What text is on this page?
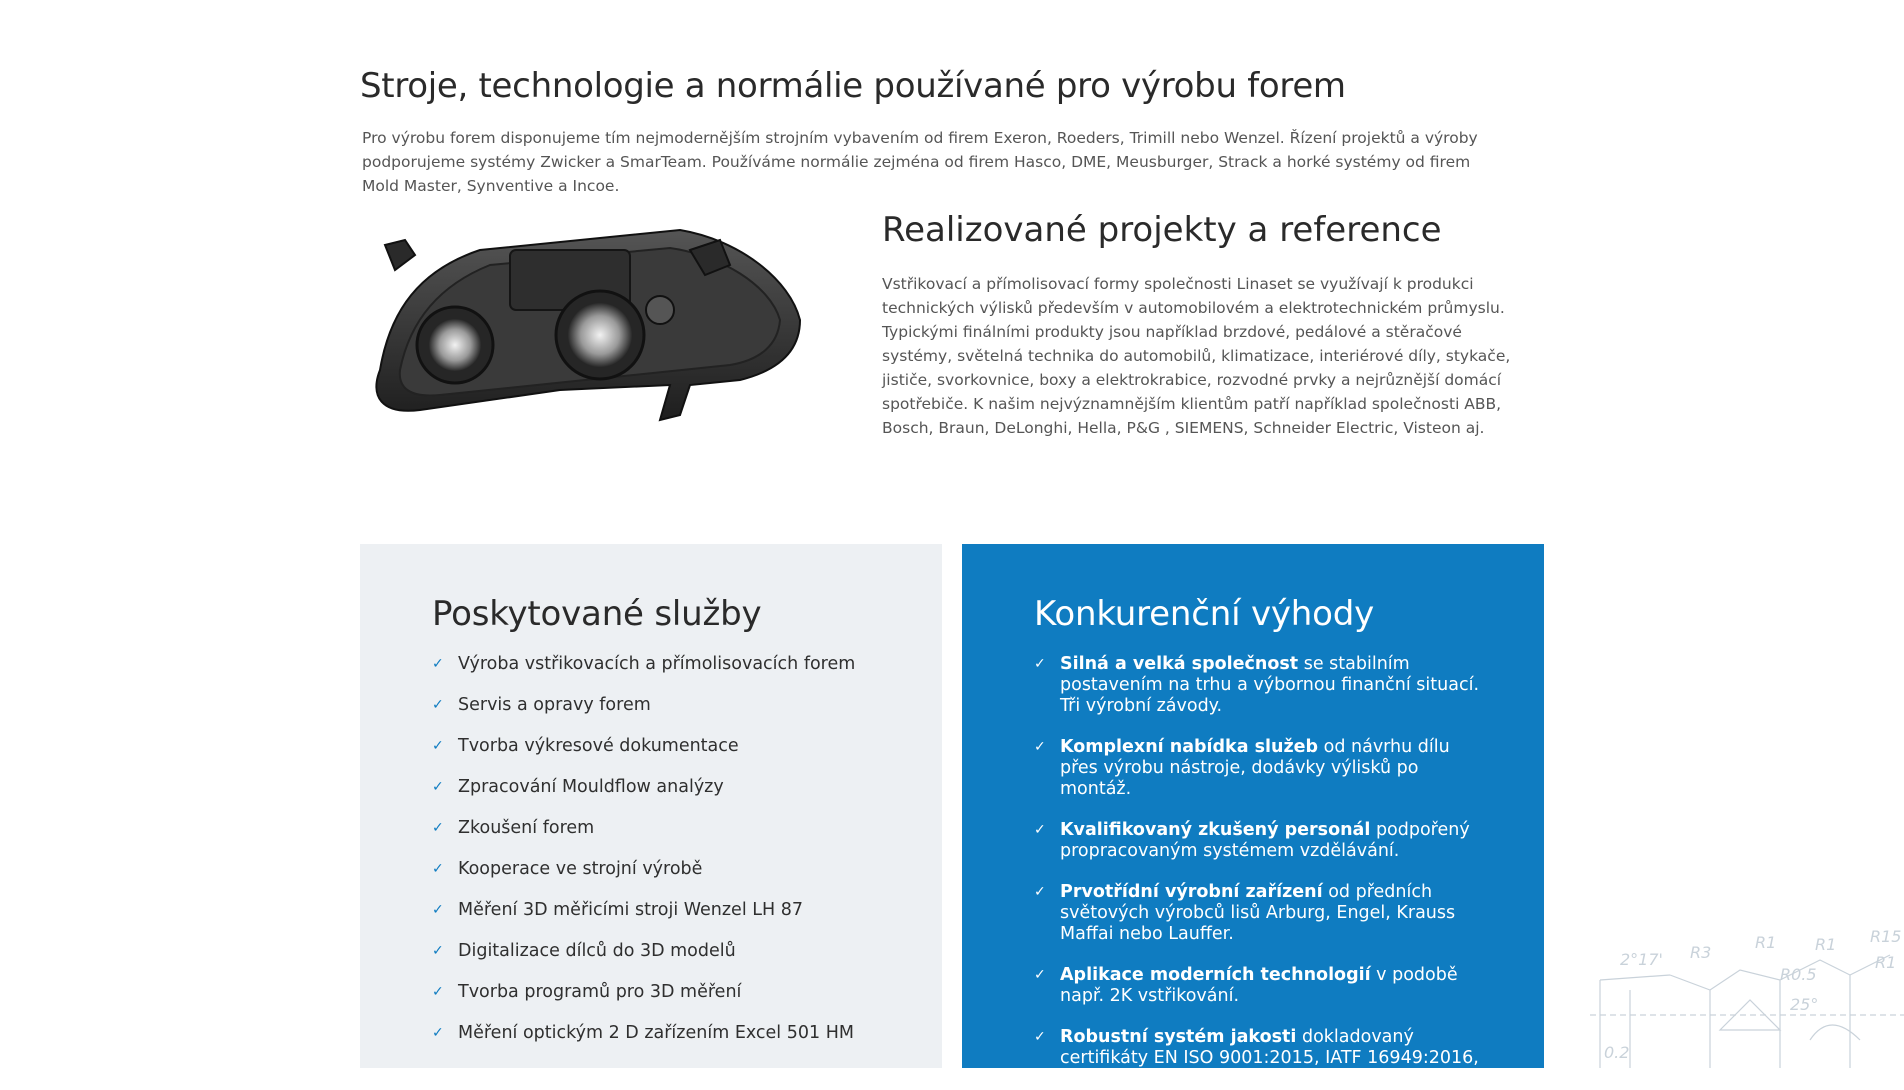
Stroje, technologie a normálie používané pro výrobu forem

Pro výrobu forem disponujeme tím nejmodernějším strojním vybavením od firem Exeron, Roeders, Trimill nebo Wenzel. Řízení projektů a výroby podporujeme systémy Zwicker a SmarTeam. Používáme normálie zejména od firem Hasco, DME, Meusburger, Strack a horké systémy od firem Mold Master, Synventive a Incoe.

Realizované projekty a reference

Vstřikovací a přímolisovací formy společnosti Linaset se využívají k produkci technických výlisků především v automobilovém a elektrotechnickém průmyslu. Typickými finálními produkty jsou například brzdové, pedálové a stěračové systémy, světelná technika do automobilů, klimatizace, interiérové díly, stykače, jističe, svorkovnice, boxy a elektrokrabice, rozvodné prvky a nejrůznější domácí spotřebiče. K našim nejvýznamnějším klientům patří například společnosti ABB, Bosch, Braun, DeLonghi, Hella, P&G , SIEMENS, Schneider Electric, Visteon aj.

Poskytované služby
✓ Výroba vstřikovacích a přímolisovacích forem
✓ Servis a opravy forem
✓ Tvorba výkresové dokumentace
✓ Zpracování Mouldflow analýzy
✓ Zkoušení forem
✓ Kooperace ve strojní výrobě
✓ Měření 3D měřicími stroji Wenzel LH 87
✓ Digitalizace dílců do 3D modelů
✓ Tvorba programů pro 3D měření
✓ Měření optickým 2 D zařízením Excel 501 HM
Konkurenční výhody
✓ Silná a velká společnost se stabilním postavením na trhu a výbornou finanční situací. Tři výrobní závody.
✓ Komplexní nabídka služeb od návrhu dílu přes výrobu nástroje, dodávky výlisků po montáž.
✓ Kvalifikovaný zkušený personál podpořený propracovaným systémem vzdělávání.
✓ Prvotřídní výrobní zařízení od předních světových výrobců lisů Arburg, Engel, Krauss Maffai nebo Lauffer.
✓ Aplikace moderních technologií v podobě např. 2K vstřikování.
✓ Robustní systém jakosti dokladovaný certifikáty EN ISO 9001:2015, IATF 16949:2016, EN ISO 14001:2015 a BS OHSAS 18001:2007.
2°17' R3
R1 R1 R15
R0.5
R1
0.2
25°
